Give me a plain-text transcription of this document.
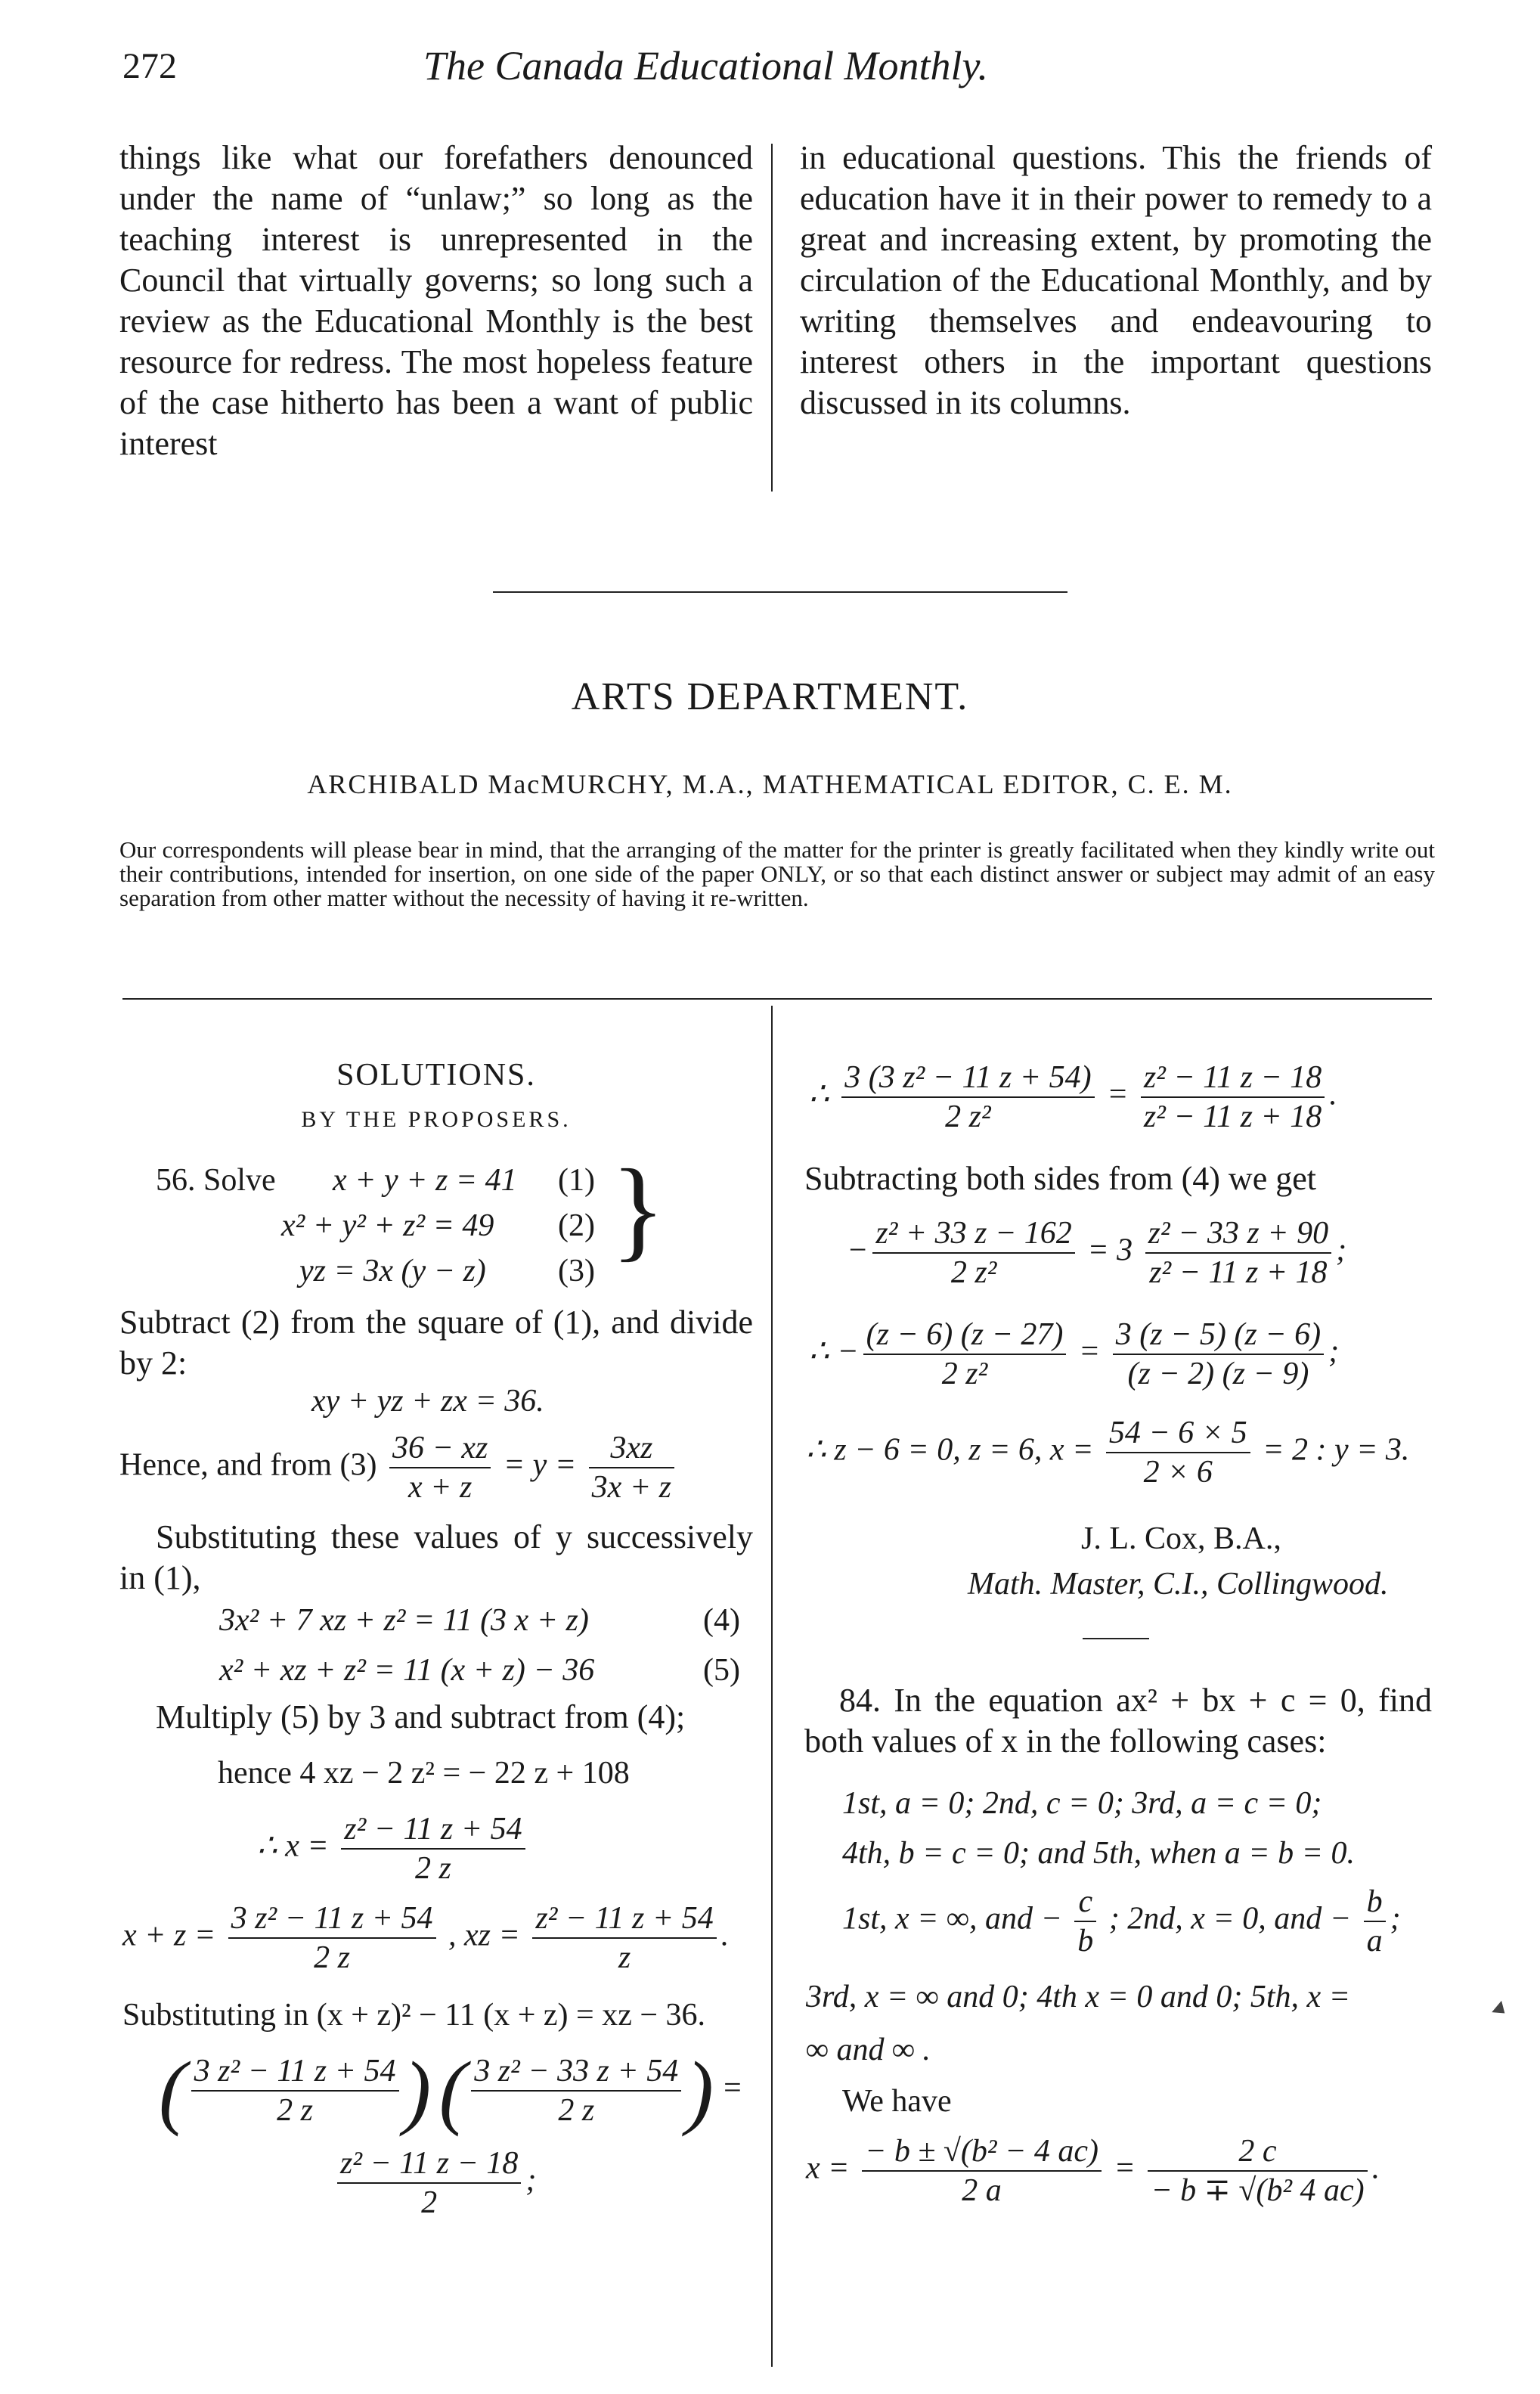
272	The Canada Educational Monthly.
things like what our forefathers denounced under the name of “unlaw;” so long as the teaching interest is unrepresented in the Council that virtually governs; so long such a review as the Educational Monthly is the best resource for redress. The most hopeless feature of the case hitherto has been a want of public interest
in educational questions. This the friends of education have it in their power to remedy to a great and increasing extent, by promoting the circulation of the Educational Monthly, and by writing themselves and endeavouring to interest others in the important questions discussed in its columns.
ARTS DEPARTMENT.
ARCHIBALD MacMURCHY, M.A., MATHEMATICAL EDITOR, C. E. M.
Our correspondents will please bear in mind, that the arranging of the matter for the printer is greatly facilitated when they kindly write out their contributions, intended for insertion, on one side of the paper ONLY, or so that each distinct answer or subject may admit of an easy separation from other matter without the necessity of having it re-written.
SOLUTIONS.
BY THE PROPOSERS.
56. Solve x + y + z = 41 (1)
x² + y² + z² = 49 (2)
yz = 3x (y − z) (3) }
Subtract (2) from the square of (1), and divide by 2:
xy + yz + zx = 36.
Hence, and from $(3) \frac{36 - xz}{x + z} = y = \frac{3xz}{3x + z}$
Substituting these values of y successively in (1),
3x² + 7 xz + z² = 11 (3 x + z)	(4)
x² + xz + z² = 11 (x + z) − 36	(5)
Multiply (5) by 3 and subtract from (4);
hence 4 xz − 2 z² = − 22 z + 108
∴ $x = \frac{\text{z² − 11 z + 54}}{2 z}$
$x + z = \frac{\text{3 z² − 11 z + 54}}{2 z}$ , xz = $\frac{\text{z² − 11 z + 54}}{z}$ .
Substituting in (x + z)² − 11 (x + z) = xz − 36.
( $\frac{\text{3 z² − 11 z + 54}}{2 z}$ ) ( $\frac{\text{3 z² − 33 z + 54}}{2 z}$ ) =
$\frac{\text{z² − 11 z − 18}}{2}$ ;
∴ $\frac{\text{3 (3 z² − 11 z + 54)}}{\text{2 z²}} = \frac{\text{z² − 11 z − 18}}{\text{z² − 11 z + 18}}$ .
Subtracting both sides from (4) we get
− $\frac{\text{z² + 33 z − 162}}{\text{2 z²}} = 3 \frac{\text{z² − 33 z + 90}}{\text{z² − 11 z + 18}}$ ;
∴ − $\frac{(z - 6) (z - 27)}{\text{2 z²}} = \frac{3 (z - 5) (z - 6)}{(z - 2) (z - 9)}$ ;
∴ z − 6 = 0, z = 6, $x = \frac{54 - 6 \times 5}{2 \times 6} = 2$ : y = 3.
J. L. Cox, B.A.,
Math. Master, C.I., Collingwood.
84. In the equation ax² + bx + c = 0, find both values of x in the following cases:
1st, a = 0; 2nd, c = 0; 3rd, a = c = 0;
4th, b = c = 0; and 5th, when a = b = 0.
1st, x = ∞, and − $\frac{c}{b}$ ; 2nd, x = 0, and − $\frac{b}{a}$ ;
3rd, x = ∞ and 0; 4th x = 0 and 0; 5th, x =
∞ and ∞ .
We have
$x = \frac{\text{− b ± √(b² − 4 ac)}}{2 a} = \frac{2 c}{\text{− b ∓ √(b² 4 ac)}}$ .
